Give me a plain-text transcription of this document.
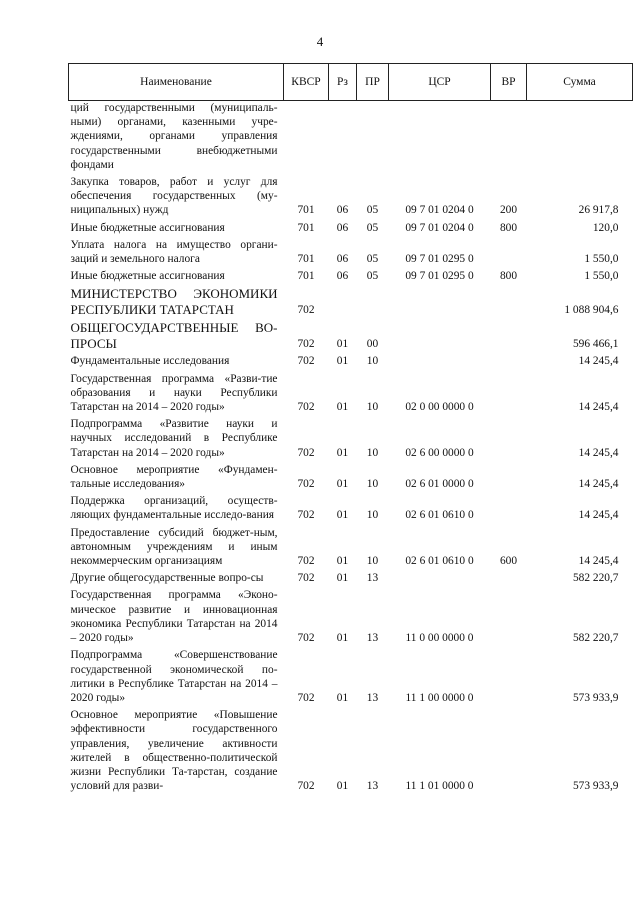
4
Наименование	КВСР	Рз	ПР	ЦСР	ВР	Сумма
ций государственными (муниципаль-ными) органами, казенными учре-ждениями, органами управления государственными внебюджетными фондами						
Закупка товаров, работ и услуг для обеспечения государственных (му-ниципальных) нужд	701	06	05	09 7 01 0204 0	200	26 917,8
Иные бюджетные ассигнования	701	06	05	09 7 01 0204 0	800	120,0
Уплата налога на имущество органи-заций и земельного налога	701	06	05	09 7 01 0295 0		1 550,0
Иные бюджетные ассигнования	701	06	05	09 7 01 0295 0	800	1 550,0
МИНИСТЕРСТВО ЭКОНОМИКИ РЕСПУБЛИКИ ТАТАРСТАН	702					1 088 904,6
ОБЩЕГОСУДАРСТВЕННЫЕ ВО-ПРОСЫ	702	01	00			596 466,1
Фундаментальные исследования	702	01	10			14 245,4
Государственная программа «Разви-тие образования и науки Республики Татарстан на 2014 – 2020 годы»	702	01	10	02 0 00 0000 0		14 245,4
Подпрограмма «Развитие науки и научных исследований в Республике Татарстан на 2014 – 2020 годы»	702	01	10	02 6 00 0000 0		14 245,4
Основное мероприятие «Фундамен-тальные исследования»	702	01	10	02 6 01 0000 0		14 245,4
Поддержка организаций, осуществ-ляющих фундаментальные исследо-вания	702	01	10	02 6 01 0610 0		14 245,4
Предоставление субсидий бюджет-ным, автономным учреждениям и иным некоммерческим организациям	702	01	10	02 6 01 0610 0	600	14 245,4
Другие общегосударственные вопро-сы	702	01	13			582 220,7
Государственная программа «Эконо-мическое развитие и инновационная экономика Республики Татарстан на 2014 – 2020 годы»	702	01	13	11 0 00 0000 0		582 220,7
Подпрограмма «Совершенствование государственной экономической по-литики в Республике Татарстан на 2014 – 2020 годы»	702	01	13	11 1 00 0000 0		573 933,9
Основное мероприятие «Повышение эффективности государственного управления, увеличение активности жителей в общественно-политической жизни Республики Та-тарстан, создание условий для разви-	702	01	13	11 1 01 0000 0		573 933,9
